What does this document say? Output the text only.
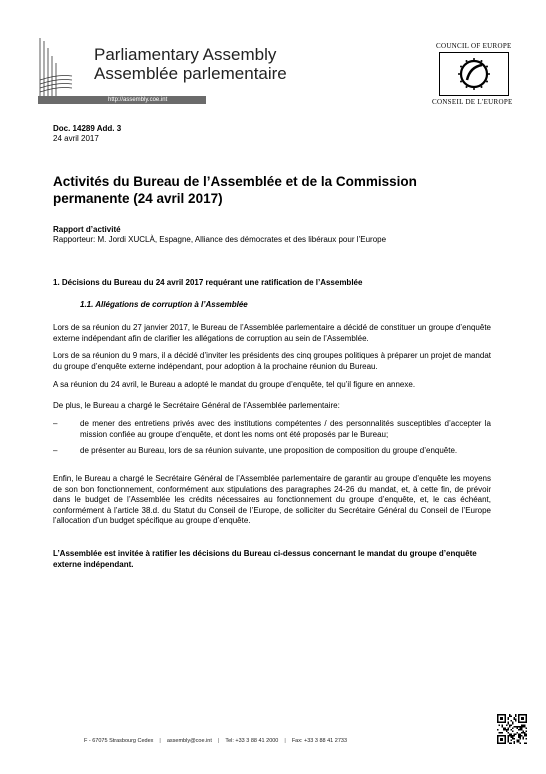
Parliamentary Assembly
Assemblée parlementaire
http://assembly.coe.int
COUNCIL OF EUROPE
CONSEIL DE L'EUROPE
Doc. 14289 Add. 3
24 avril 2017
Activités du Bureau de l’Assemblée et de la Commission permanente (24 avril 2017)
Rapport d’activité
Rapporteur: M. Jordi XUCLÀ, Espagne, Alliance des démocrates et des libéraux pour l’Europe
1. Décisions du Bureau du 24 avril 2017 requérant une ratification de l’Assemblée
1.1. Allégations de corruption à l’Assemblée
Lors de sa réunion du 27 janvier 2017, le Bureau de l’Assemblée parlementaire a décidé de constituer un groupe d’enquête externe indépendant afin de clarifier les allégations de corruption au sein de l’Assemblée.
Lors de sa réunion du 9 mars, il a décidé d’inviter les présidents des cinq groupes politiques à préparer un projet de mandat du groupe d’enquête externe indépendant, pour adoption à la prochaine réunion du Bureau.
A sa réunion du 24 avril, le Bureau a adopté le mandat du groupe d’enquête, tel qu’il figure en annexe.
De plus, le Bureau a chargé le Secrétaire Général de l’Assemblée parlementaire:
–	de mener des entretiens privés avec des institutions compétentes / des personnalités susceptibles d’accepter la mission confiée au groupe d’enquête, et dont les noms ont été proposés par le Bureau;
–	de présenter au Bureau, lors de sa réunion suivante, une proposition de composition du groupe d’enquête.
Enfin, le Bureau a chargé le Secrétaire Général de l’Assemblée parlementaire de garantir au groupe d’enquête les moyens de son bon fonctionnement, conformément aux stipulations des paragraphes 24-26 du mandat, et, à cette fin, de prévoir dans le budget de l’Assemblée les crédits nécessaires au fonctionnement du groupe d’enquête, et, le cas échéant, conformément à l’article 38.d. du Statut du Conseil de l’Europe, de solliciter du Secrétaire Général du Conseil de l’Europe l’allocation d’un budget spécifique au groupe d’enquête.
L’Assemblée est invitée à ratifier les décisions du Bureau ci-dessus concernant le mandat du groupe d’enquête externe indépendant.
F - 67075 Strasbourg Cedex | assembly@coe.int | Tel: +33 3 88 41 2000 | Fax: +33 3 88 41 2733
